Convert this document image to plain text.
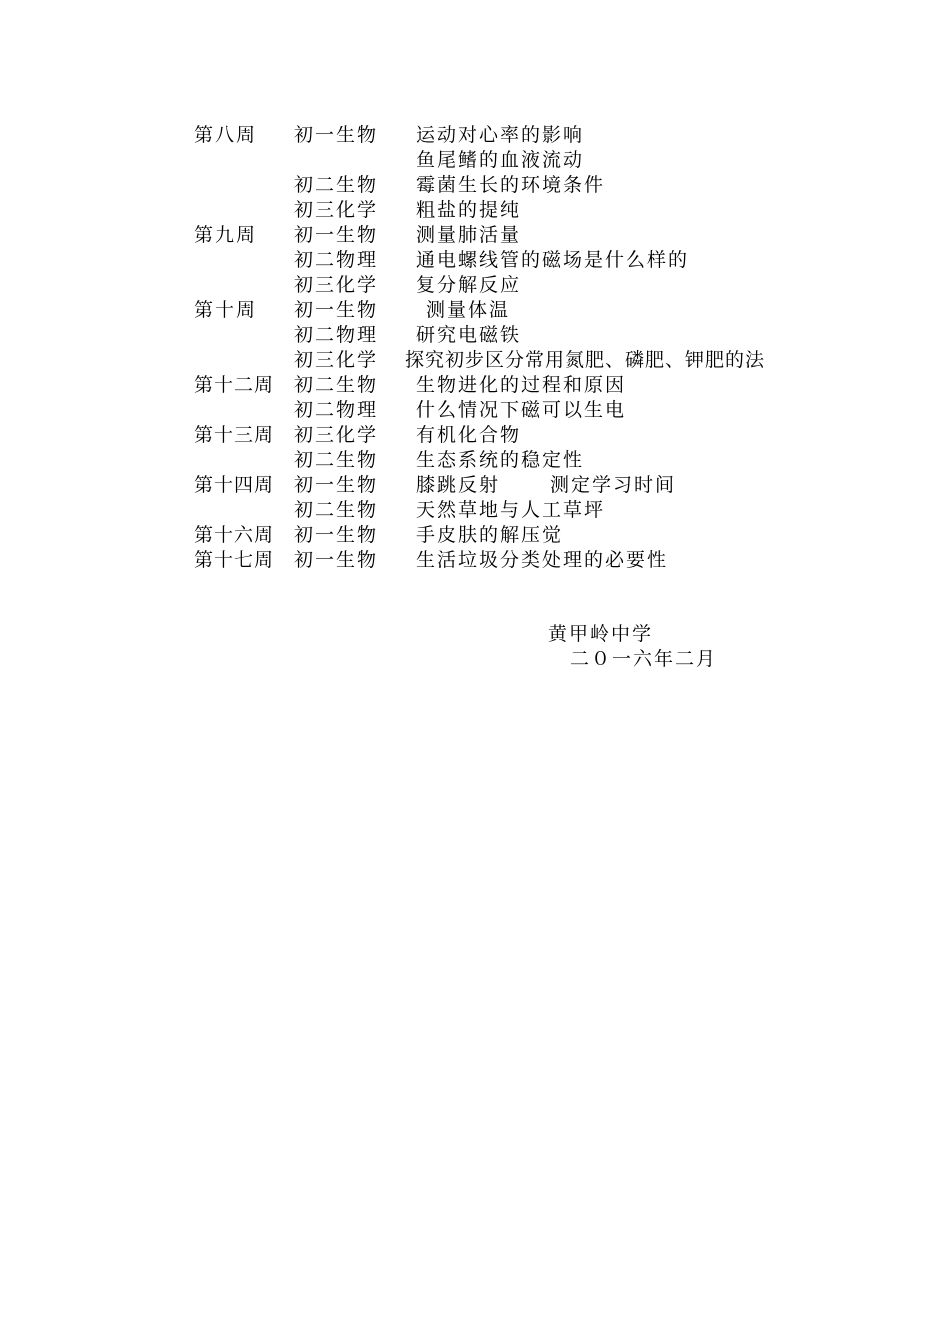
第八周 初一生物 运动对心率的影响
鱼尾鳍的血液流动
初二生物 霉菌生长的环境条件
初三化学 粗盐的提纯
第九周 初一生物 测量肺活量
初二物理 通电螺线管的磁场是什么样的
初三化学 复分解反应
第十周 初一生物	测量体温
初二物理 研究电磁铁
初三化学 探究初步区分常用氮肥、磷肥、钾肥的法
第十二周 初二生物 生物进化的过程和原因
初二物理 什么情况下磁可以生电
第十三周 初三化学 有机化合物
初二生物 生态系统的稳定性
第十四周 初一生物 膝跳反射	测定学习时间
初二生物 天然草地与人工草坪
第十六周 初一生物 手皮肤的解压觉
第十七周 初一生物 生活垃圾分类处理的必要性
黄甲岭中学
二０一六年二月
